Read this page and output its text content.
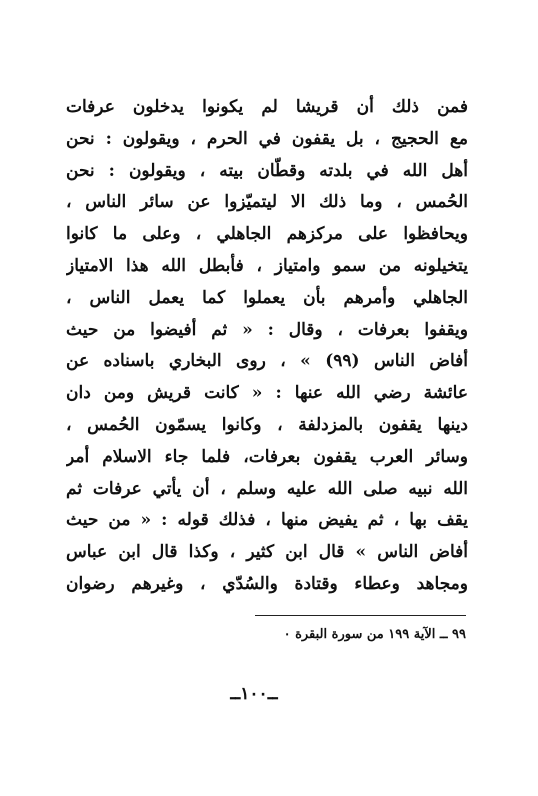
فمن ذلك أن قريشا لم يكونوا يدخلون عرفات
مع الحجيج ، بل يقفون في الحرم ، ويقولون : نحن
أهل الله في بلدته وقطّان بيته ، ويقولون : نحن
الحُمس ، وما ذلك الا ليتميّزوا عن سائر الناس ،
ويحافظوا على مركزهم الجاهلي ، وعلى ما كانوا
يتخيلونه من سمو وامتياز ، فأبطل الله هذا الامتياز
الجاهلي وأمرهم بأن يعملوا كما يعمل الناس ،
ويقفوا بعرفات ، وقال : « ثم أفيضوا من حيث
أفاض الناس (٩٩) » ، روى البخاري باسناده عن
عائشة رضي الله عنها : « كانت قريش ومن دان
دينها يقفون بالمزدلفة ، وكانوا يسمّون الحُمس ،
وسائر العرب يقفون بعرفات، فلما جاء الاسلام أمر
الله نبيه صلى الله عليه وسلم ، أن يأتي عرفات ثم
يقف بها ، ثم يفيض منها ، فذلك قوله : « من حيث
أفاض الناس » قال ابن كثير ، وكذا قال ابن عباس
ومجاهد وعطاء وقتادة والسُدّي ، وغيرهم رضوان
٩٩ ــ الآية ١٩٩ من سورة البقرة ٠
ــ١٠٠ــ
